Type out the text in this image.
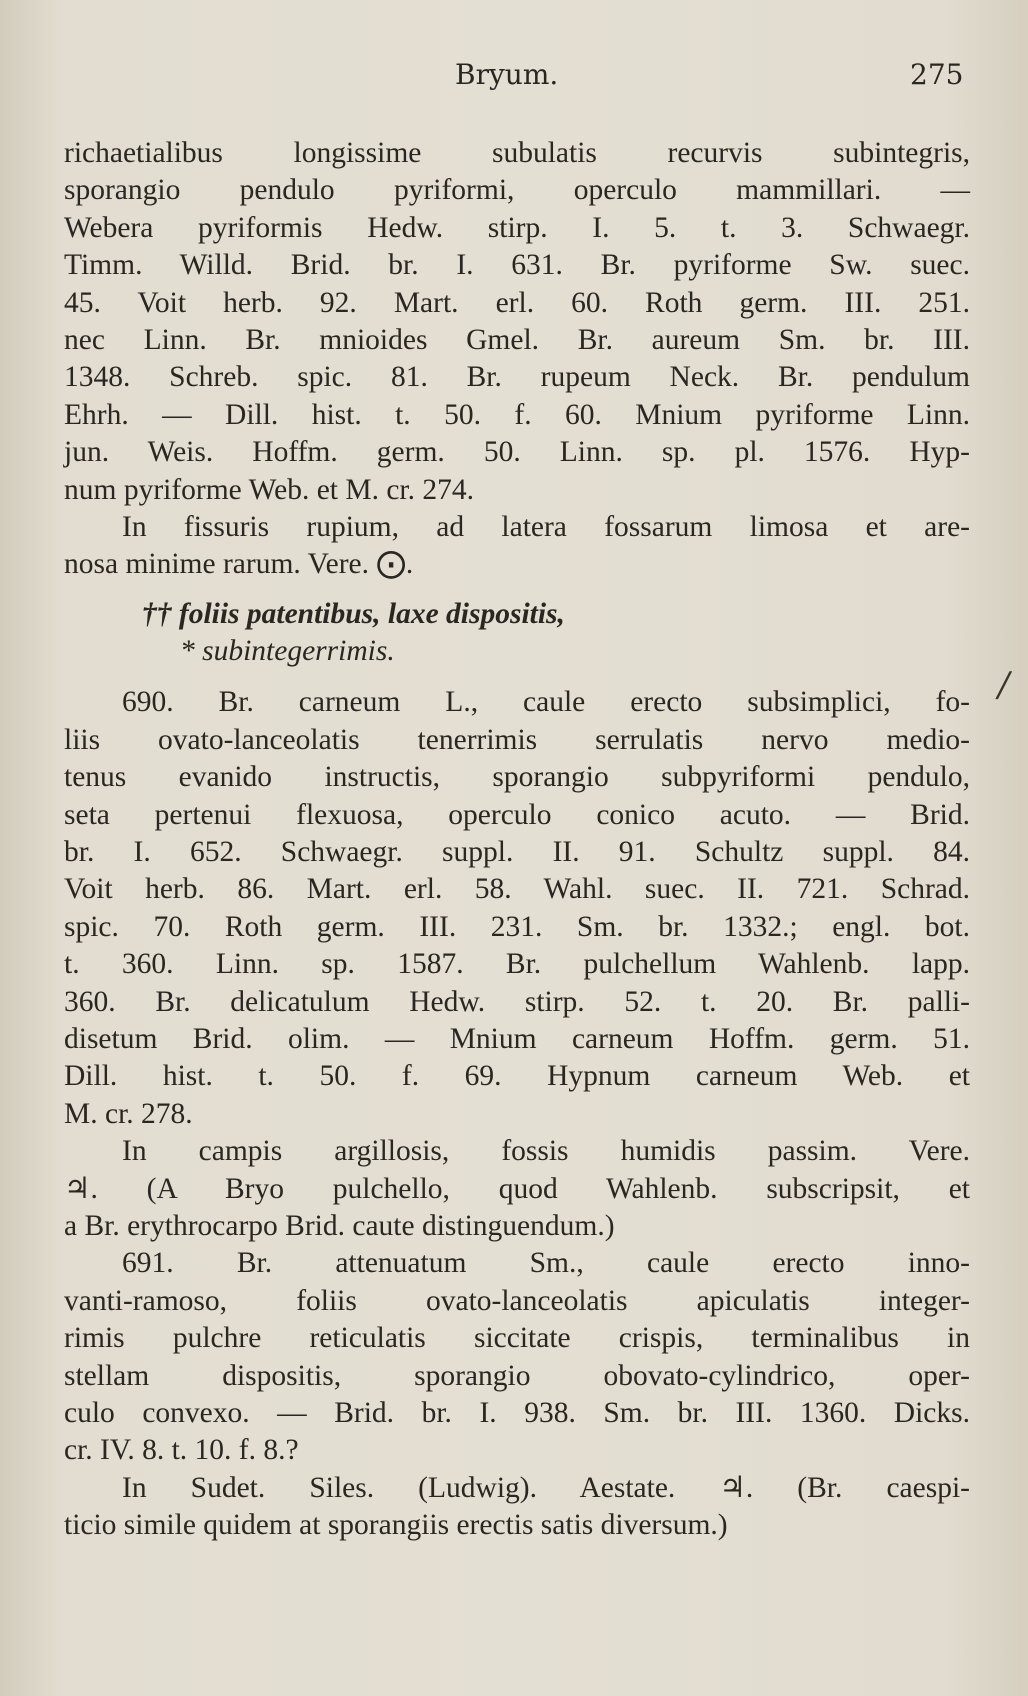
Bryum.	275
∕
richaetialibus longissime subulatis recurvis subintegris,
sporangio pendulo pyriformi, operculo mammillari. —
Webera pyriformis Hedw. stirp. I. 5. t. 3. Schwaegr.
Timm. Willd. Brid. br. I. 631. Br. pyriforme Sw. suec.
45. Voit herb. 92. Mart. erl. 60. Roth germ. III. 251.
nec Linn. Br. mnioides Gmel. Br. aureum Sm. br. III.
1348. Schreb. spic. 81. Br. rupeum Neck. Br. pendulum
Ehrh. — Dill. hist. t. 50. f. 60. Mnium pyriforme Linn.
jun. Weis. Hoffm. germ. 50. Linn. sp. pl. 1576. Hyp-
num pyriforme Web. et M. cr. 274.
In fissuris rupium, ad latera fossarum limosa et are-
nosa minime rarum. Vere. ⨀.
†† foliis patentibus, laxe dispositis,
* subintegerrimis.
690. Br. carneum L., caule erecto subsimplici, fo-
liis ovato-lanceolatis tenerrimis serrulatis nervo medio-
tenus evanido instructis, sporangio subpyriformi pendulo,
seta pertenui flexuosa, operculo conico acuto. — Brid.
br. I. 652. Schwaegr. suppl. II. 91. Schultz suppl. 84.
Voit herb. 86. Mart. erl. 58. Wahl. suec. II. 721. Schrad.
spic. 70. Roth germ. III. 231. Sm. br. 1332.; engl. bot.
t. 360. Linn. sp. 1587. Br. pulchellum Wahlenb. lapp.
360. Br. delicatulum Hedw. stirp. 52. t. 20. Br. palli-
disetum Brid. olim. — Mnium carneum Hoffm. germ. 51.
Dill. hist. t. 50. f. 69. Hypnum carneum Web. et
M. cr. 278.
In campis argillosis, fossis humidis passim. Vere.
♃. (A Bryo pulchello, quod Wahlenb. subscripsit, et
a Br. erythrocarpo Brid. caute distinguendum.)
691. Br. attenuatum Sm., caule erecto inno-
vanti-ramoso, foliis ovato-lanceolatis apiculatis integer-
rimis pulchre reticulatis siccitate crispis, terminalibus in
stellam dispositis, sporangio obovato-cylindrico, oper-
culo convexo. — Brid. br. I. 938. Sm. br. III. 1360. Dicks.
cr. IV. 8. t. 10. f. 8.?
In Sudet. Siles. (Ludwig). Aestate. ♃. (Br. caespi-
ticio simile quidem at sporangiis erectis satis diversum.)
